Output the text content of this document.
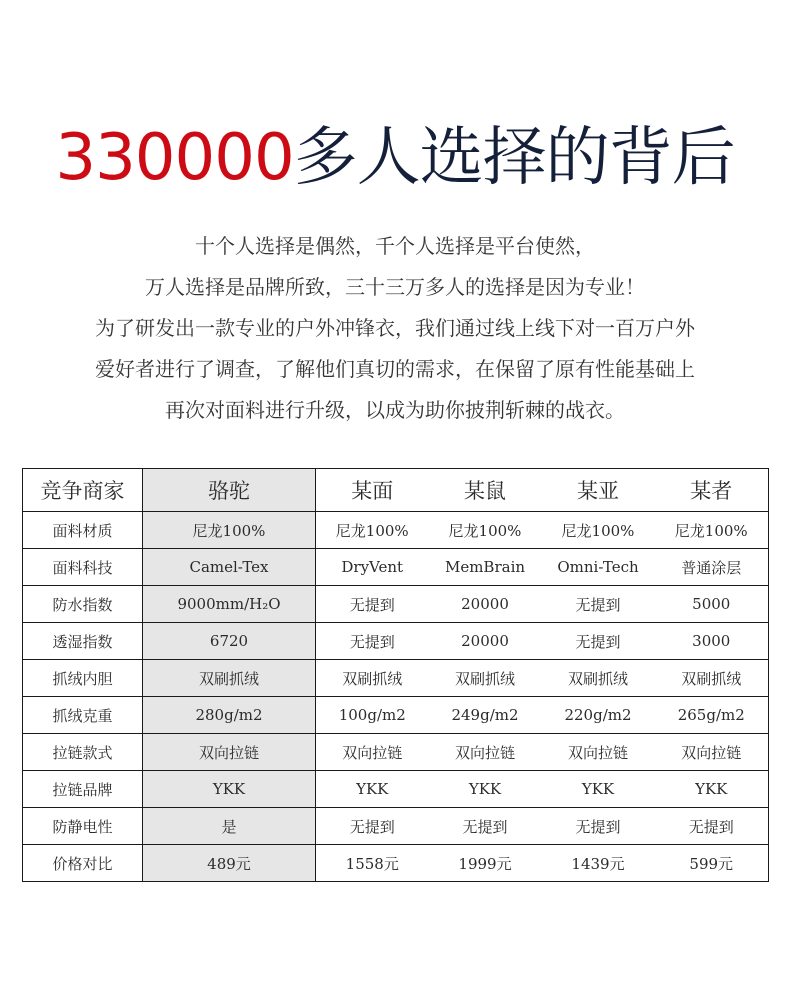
330000多人选择的背后
十个人选择是偶然，千个人选择是平台使然，
万人选择是品牌所致，三十三万多人的选择是因为专业！
为了研发出一款专业的户外冲锋衣，我们通过线上线下对一百万户外
爱好者进行了调查，了解他们真切的需求，在保留了原有性能基础上
再次对面料进行升级，以成为助你披荆斩棘的战衣。
竞争商家	骆驼	某面	某鼠	某亚	某者
面料材质	尼龙100%	尼龙100%	尼龙100%	尼龙100%	尼龙100%
面料科技	Camel-Tex	DryVent	MemBrain	Omni-Tech	普通涂层
防水指数	9000mm/H₂O	无提到	20000	无提到	5000
透湿指数	6720	无提到	20000	无提到	3000
抓绒内胆	双刷抓绒	双刷抓绒	双刷抓绒	双刷抓绒	双刷抓绒
抓绒克重	280g/m2	100g/m2	249g/m2	220g/m2	265g/m2
拉链款式	双向拉链	双向拉链	双向拉链	双向拉链	双向拉链
拉链品牌	YKK	YKK	YKK	YKK	YKK
防静电性	是	无提到	无提到	无提到	无提到
价格对比	489元	1558元	1999元	1439元	599元
